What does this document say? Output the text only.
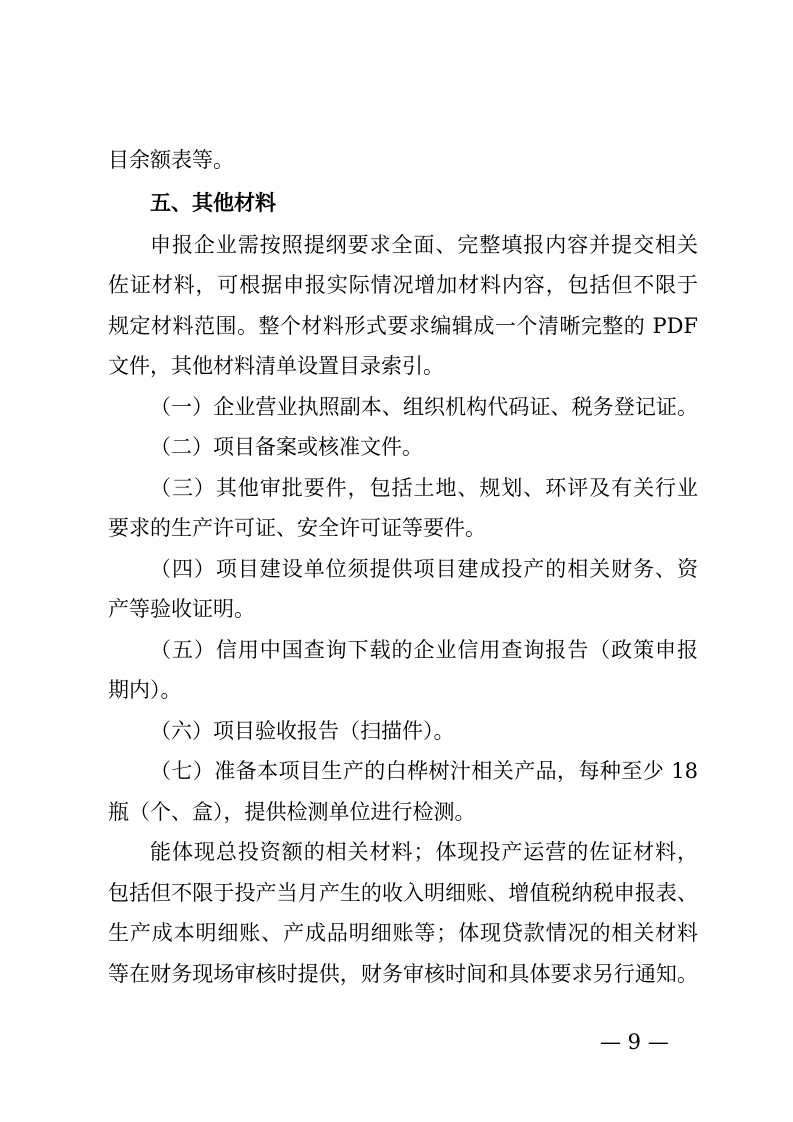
目余额表等。
五、其他材料
申报企业需按照提纲要求全面、完整填报内容并提交相关
佐证材料，可根据申报实际情况增加材料内容，包括但不限于
规定材料范围。整个材料形式要求编辑成一个清晰完整的 PDF
文件，其他材料清单设置目录索引。
（一）企业营业执照副本、组织机构代码证、税务登记证。
（二）项目备案或核准文件。
（三）其他审批要件，包括土地、规划、环评及有关行业
要求的生产许可证、安全许可证等要件。
（四）项目建设单位须提供项目建成投产的相关财务、资
产等验收证明。
（五）信用中国查询下载的企业信用查询报告（政策申报
期内）。
（六）项目验收报告（扫描件）。
（七）准备本项目生产的白桦树汁相关产品，每种至少 18
瓶（个、盒），提供检测单位进行检测。
能体现总投资额的相关材料；体现投产运营的佐证材料，
包括但不限于投产当月产生的收入明细账、增值税纳税申报表、
生产成本明细账、产成品明细账等；体现贷款情况的相关材料
等在财务现场审核时提供，财务审核时间和具体要求另行通知。
— 9 —
